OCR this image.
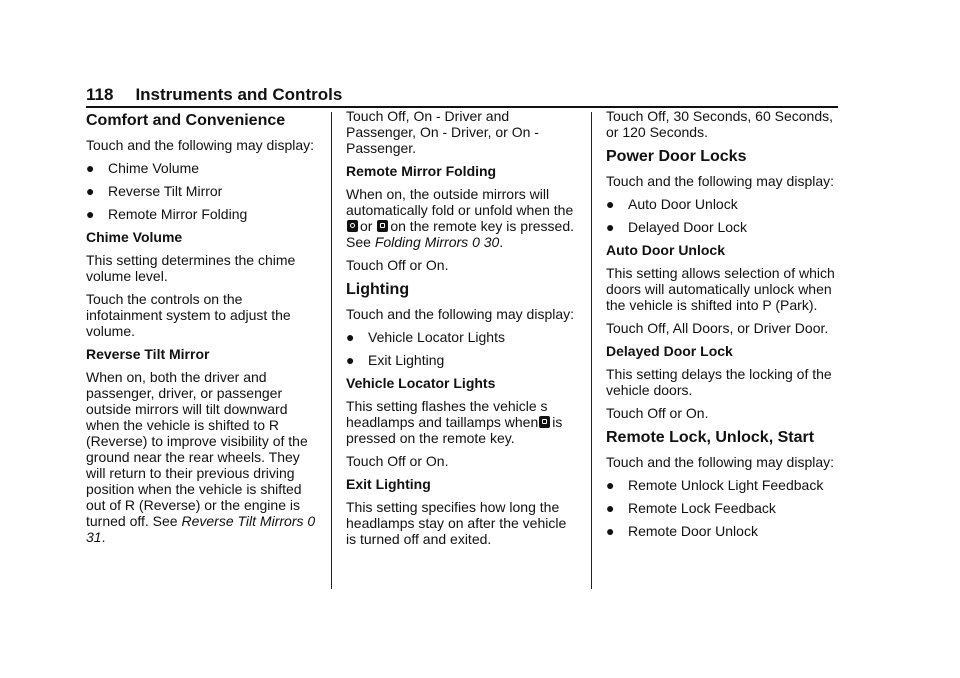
118 Instruments and Controls
Comfort and Convenience

Touch and the following may display:

● Chime Volume
● Reverse Tilt Mirror
● Remote Mirror Folding
Chime Volume

This setting determines the chime volume level.

Touch the controls on the infotainment system to adjust the volume.

Reverse Tilt Mirror

When on, both the driver and passenger, driver, or passenger outside mirrors will tilt downward when the vehicle is shifted to R (Reverse) to improve visibility of the ground near the rear wheels. They will return to their previous driving position when the vehicle is shifted out of R (Reverse) or the engine is turned off. See Reverse Tilt Mirrors 0 31.

Touch Off, On - Driver and Passenger, On - Driver, or On - Passenger.

Remote Mirror Folding

When on, the outside mirrors will automatically fold or unfold when the or on the remote key is pressed. See Folding Mirrors 0 30.

Touch Off or On.

Lighting

Touch and the following may display:

● Vehicle Locator Lights
● Exit Lighting
Vehicle Locator Lights

This setting flashes the vehicle s headlamps and taillamps when is pressed on the remote key.

Touch Off or On.

Exit Lighting

This setting specifies how long the headlamps stay on after the vehicle is turned off and exited.

Touch Off, 30 Seconds, 60 Seconds, or 120 Seconds.

Power Door Locks

Touch and the following may display:

● Auto Door Unlock
● Delayed Door Lock
Auto Door Unlock

This setting allows selection of which doors will automatically unlock when the vehicle is shifted into P (Park).

Touch Off, All Doors, or Driver Door.

Delayed Door Lock

This setting delays the locking of the vehicle doors.

Touch Off or On.

Remote Lock, Unlock, Start

Touch and the following may display:

● Remote Unlock Light Feedback
● Remote Lock Feedback
● Remote Door Unlock
